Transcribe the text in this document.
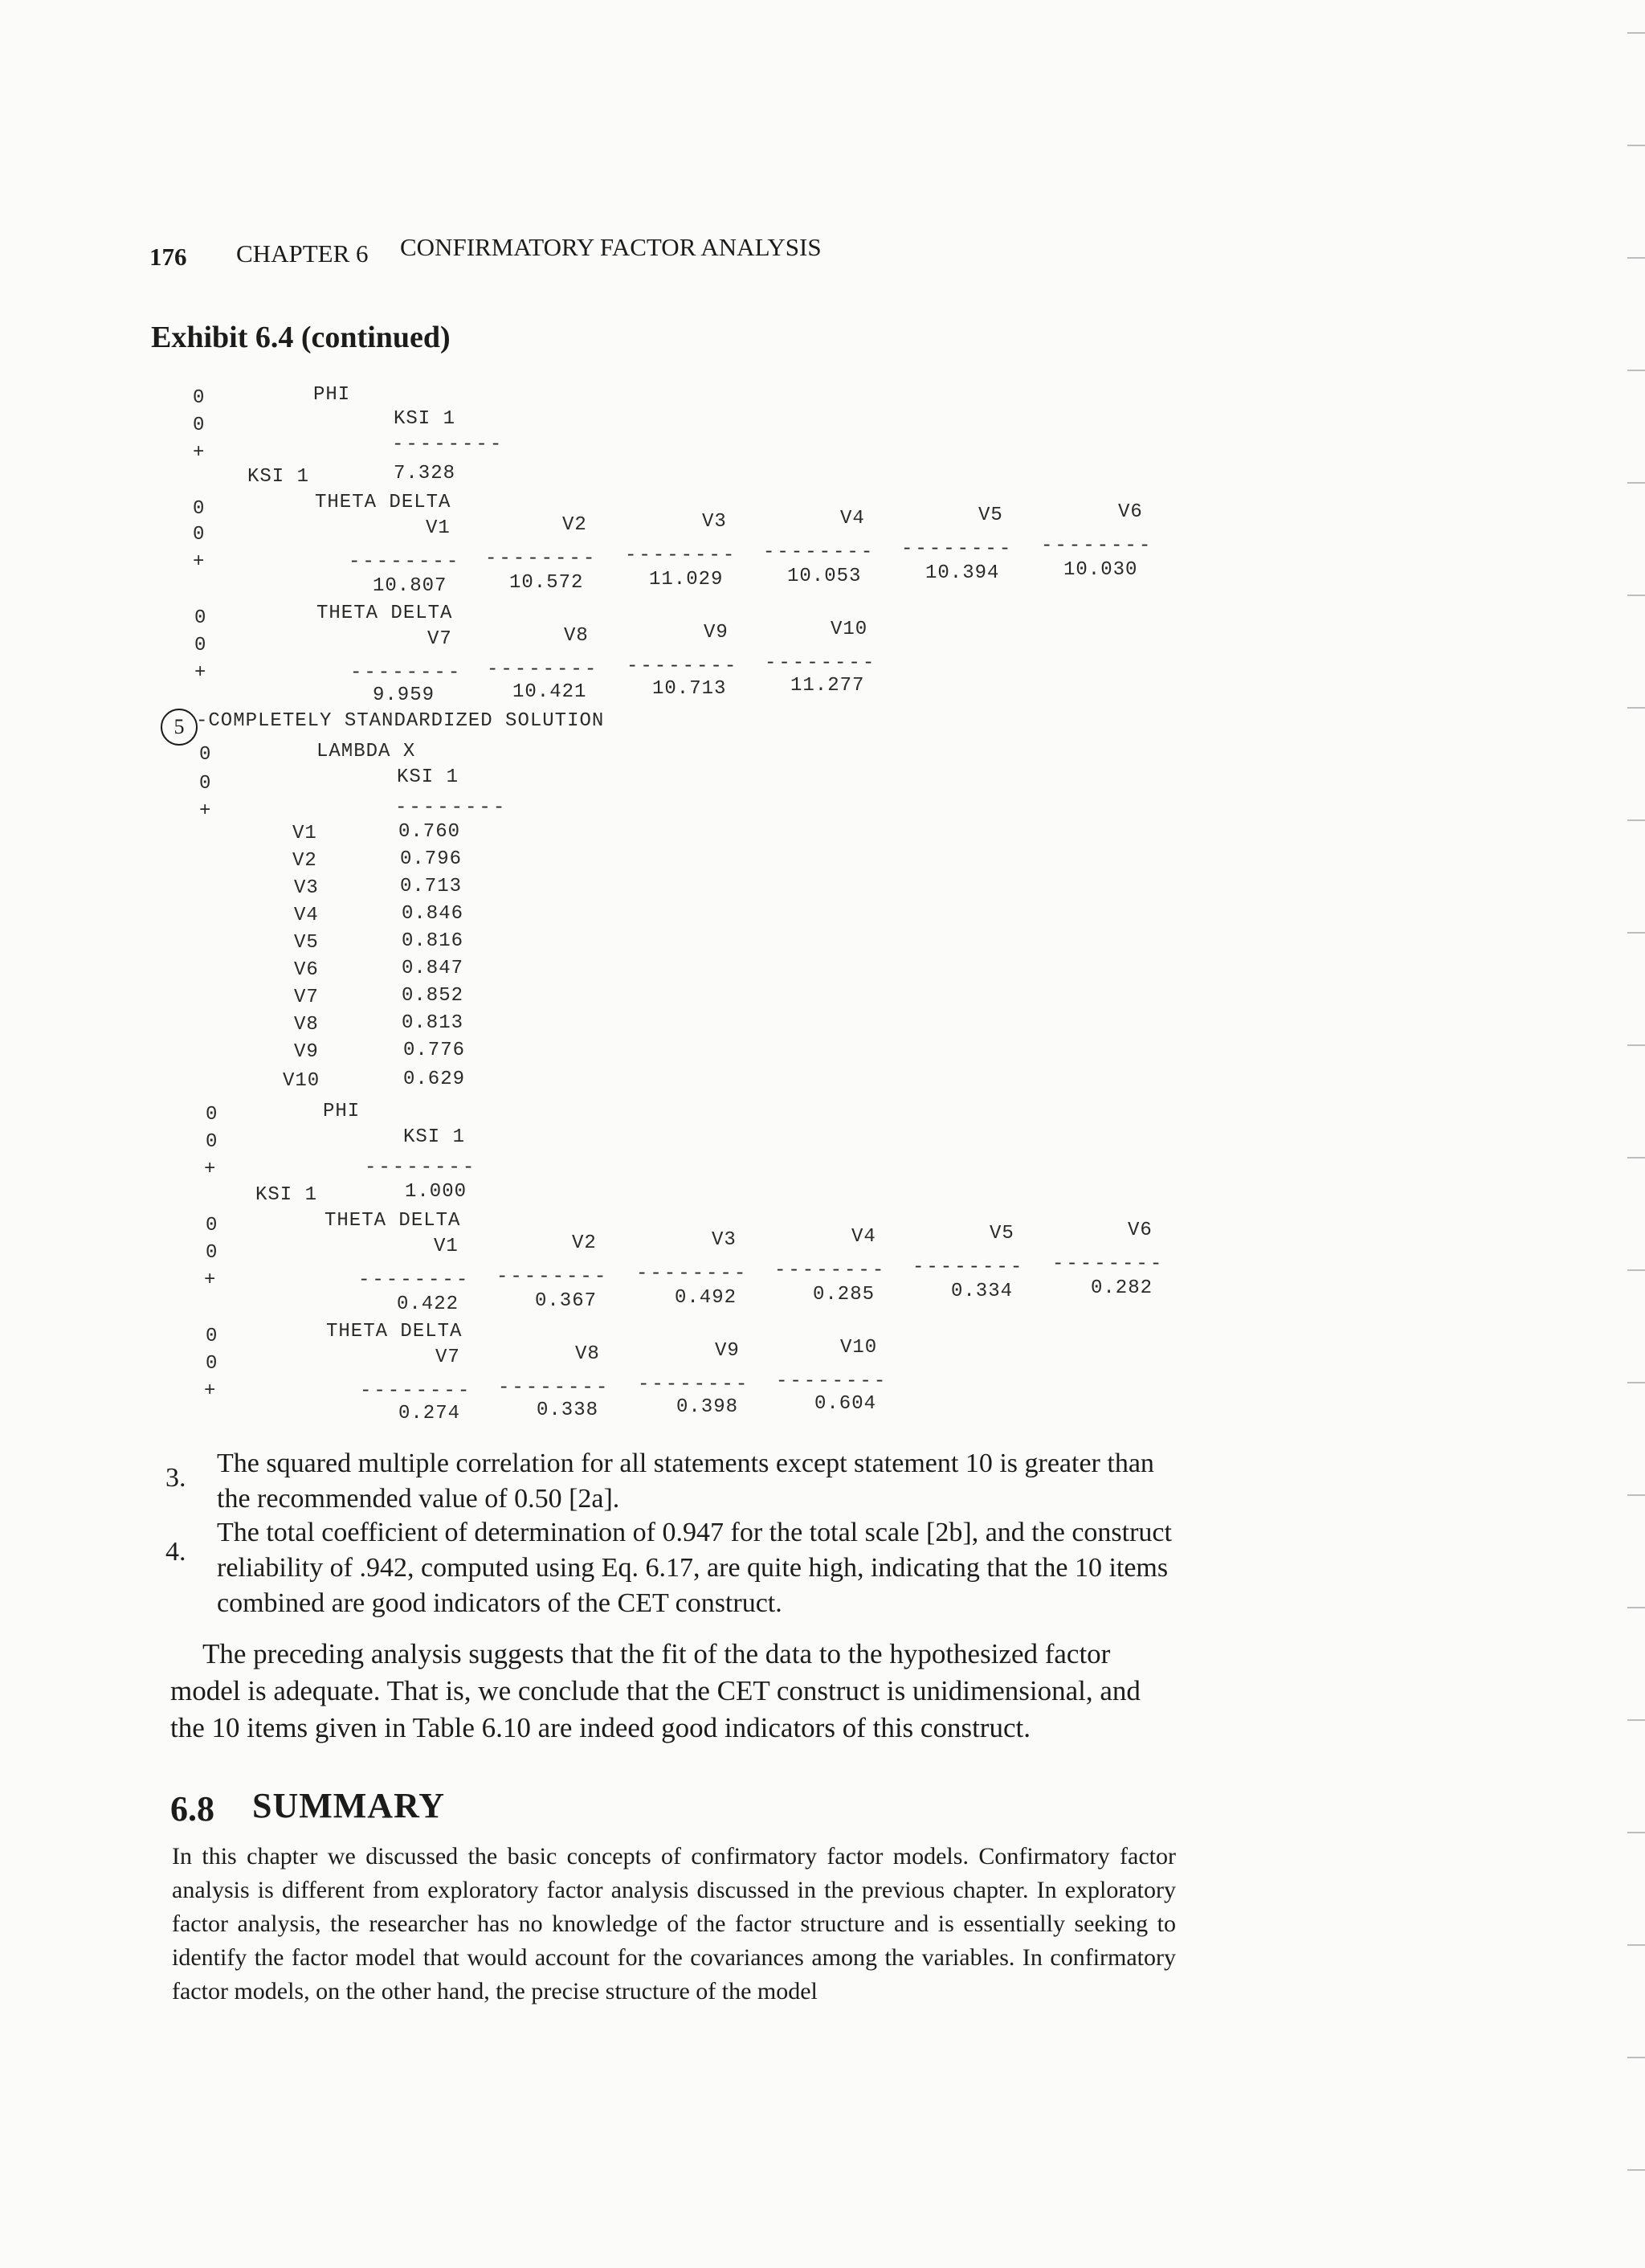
176 CHAPTER 6 CONFIRMATORY FACTOR ANALYSIS
Exhibit 6.4 (continued)
0
0
+
0
0
+
0
0
+
PHI
KSI 1
--------
KSI 1	7.328
THETA DELTA
V1	V2	V3	V4	V5	V6
-------- -------- -------- -------- -------- --------
10.807	10.572	11.029	10.053	10.394	10.030
THETA DELTA
V7	V8	V9	V10
-------- -------- -------- --------
9.959	10.421	10.713	11.277
5 -COMPLETELY STANDARDIZED SOLUTION
0
0
+
LAMBDA X
KSI 1
--------
V1	0.760
V2	0.796
V3	0.713
V4	0.846
V5	0.816
V6	0.847
V7	0.852
V8	0.813
V9	0.776
V10	0.629
0
0
+
PHI
KSI 1
--------
KSI 1	1.000
0
0
+
0
0
+
THETA DELTA
V1	V2	V3	V4	V5	V6
-------- -------- -------- -------- -------- --------
0.422	0.367	0.492	0.285	0.334	0.282
THETA DELTA
V7	V8	V9	V10
-------- -------- -------- --------
0.274	0.338	0.398	0.604
3. The squared multiple correlation for all statements except statement 10 is greater than the recommended value of 0.50 [2a].
4.
The total coefficient of determination of 0.947 for the total scale [2b], and the construct reliability of .942, computed using Eq. 6.17, are quite high, indicating that the 10 items combined are good indicators of the CET construct.
The preceding analysis suggests that the fit of the data to the hypothesized factor model is adequate. That is, we conclude that the CET construct is unidimensional, and the 10 items given in Table 6.10 are indeed good indicators of this construct.
6.8 SUMMARY
In this chapter we discussed the basic concepts of confirmatory factor models. Confirmatory factor analysis is different from exploratory factor analysis discussed in the previous chapter. In exploratory factor analysis, the researcher has no knowledge of the factor structure and is essentially seeking to identify the factor model that would account for the covariances among the variables. In confirmatory factor models, on the other hand, the precise structure of the model
